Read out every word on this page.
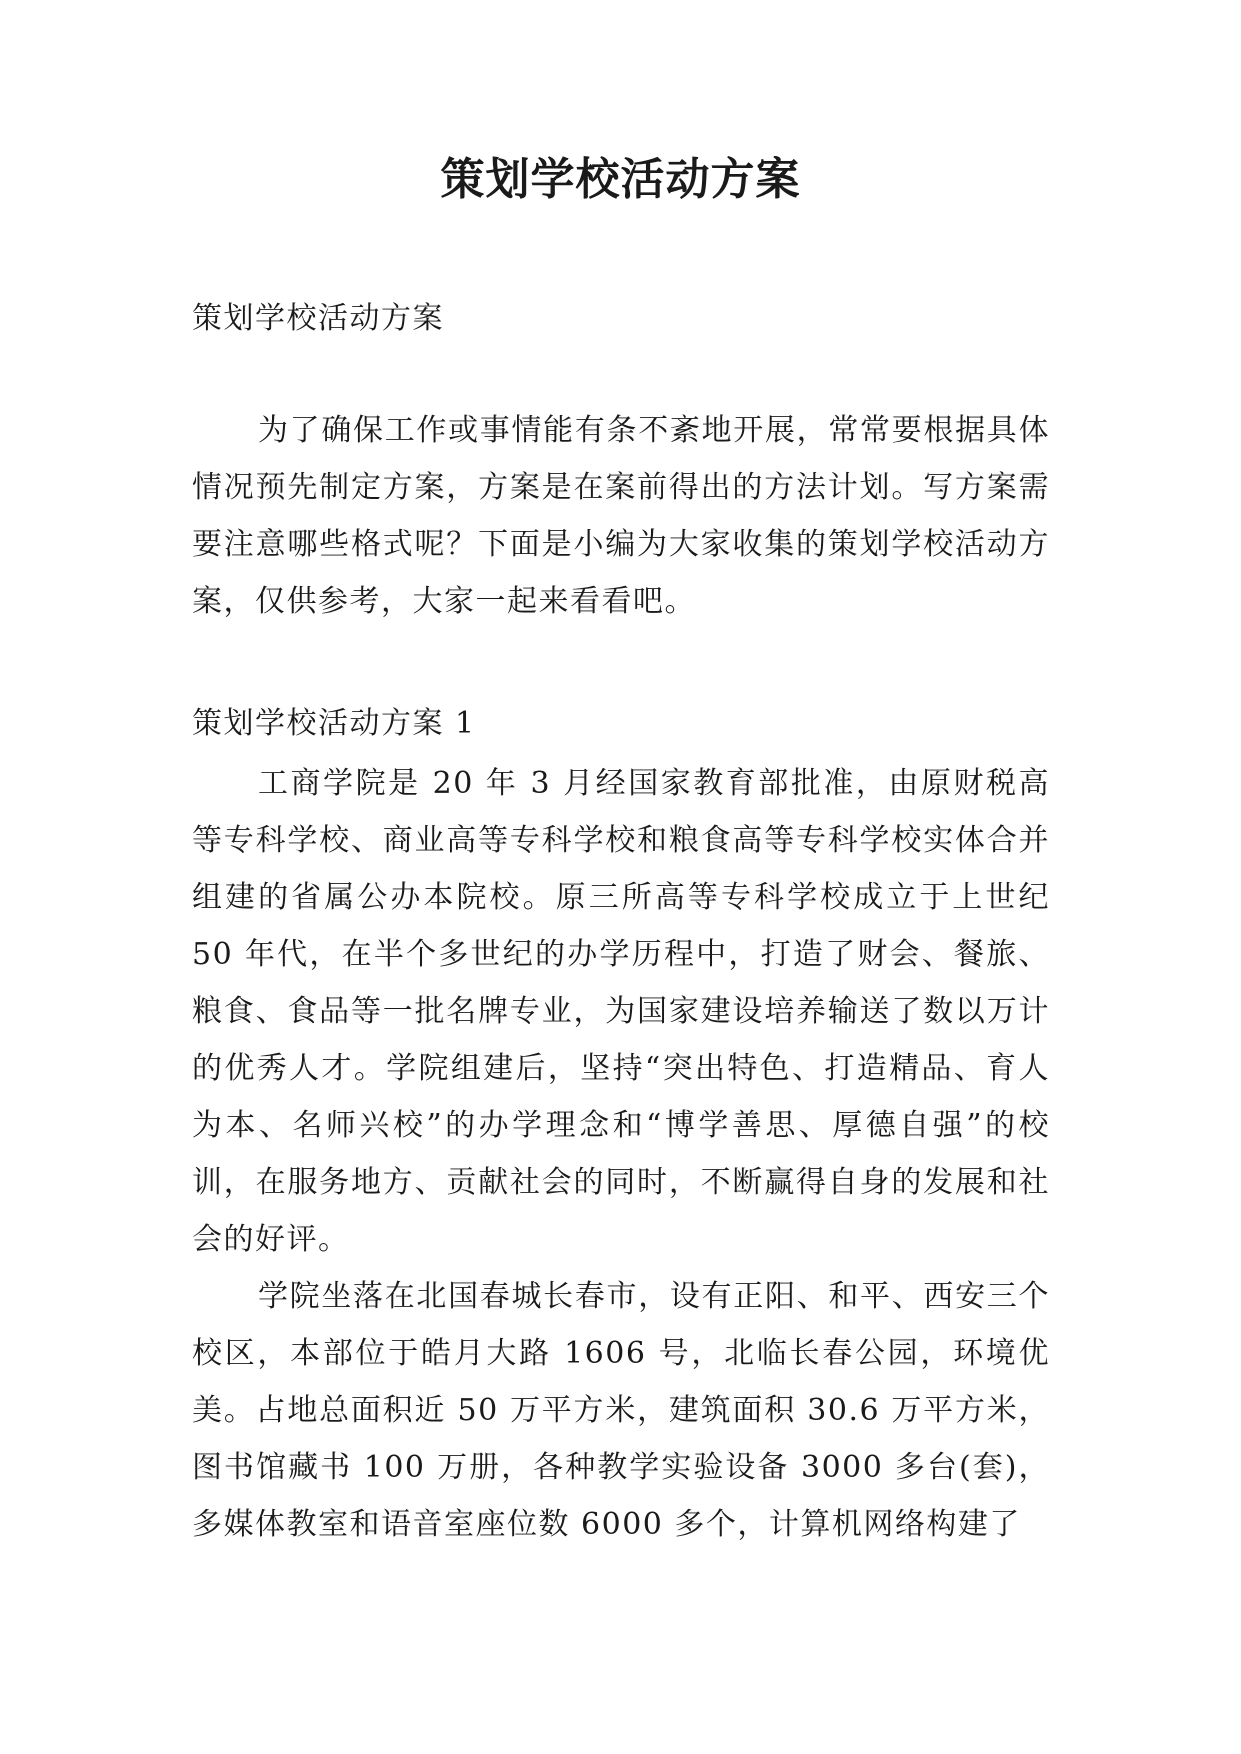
策划学校活动方案

策划学校活动方案

为了确保工作或事情能有条不紊地开展，常常要根据具体情况预先制定方案，方案是在案前得出的方法计划。写方案需要注意哪些格式呢？下面是小编为大家收集的策划学校活动方案，仅供参考，大家一起来看看吧。

策划学校活动方案 1

工商学院是 20 年 3 月经国家教育部批准，由原财税高等专科学校、商业高等专科学校和粮食高等专科学校实体合并组建的省属公办本院校。原三所高等专科学校成立于上世纪 50 年代，在半个多世纪的办学历程中，打造了财会、餐旅、粮食、食品等一批名牌专业，为国家建设培养输送了数以万计的优秀人才。学院组建后，坚持“突出特色、打造精品、育人为本、名师兴校”的办学理念和“博学善思、厚德自强”的校训，在服务地方、贡献社会的同时，不断赢得自身的发展和社会的好评。

学院坐落在北国春城长春市，设有正阳、和平、西安三个校区，本部位于皓月大路 1606 号，北临长春公园，环境优美。占地总面积近 50 万平方米，建筑面积 30.6 万平方米，图书馆藏书 100 万册，各种教学实验设备 3000 多台(套)，多媒体教室和语音室座位数 6000 多个，计算机网络构建了
